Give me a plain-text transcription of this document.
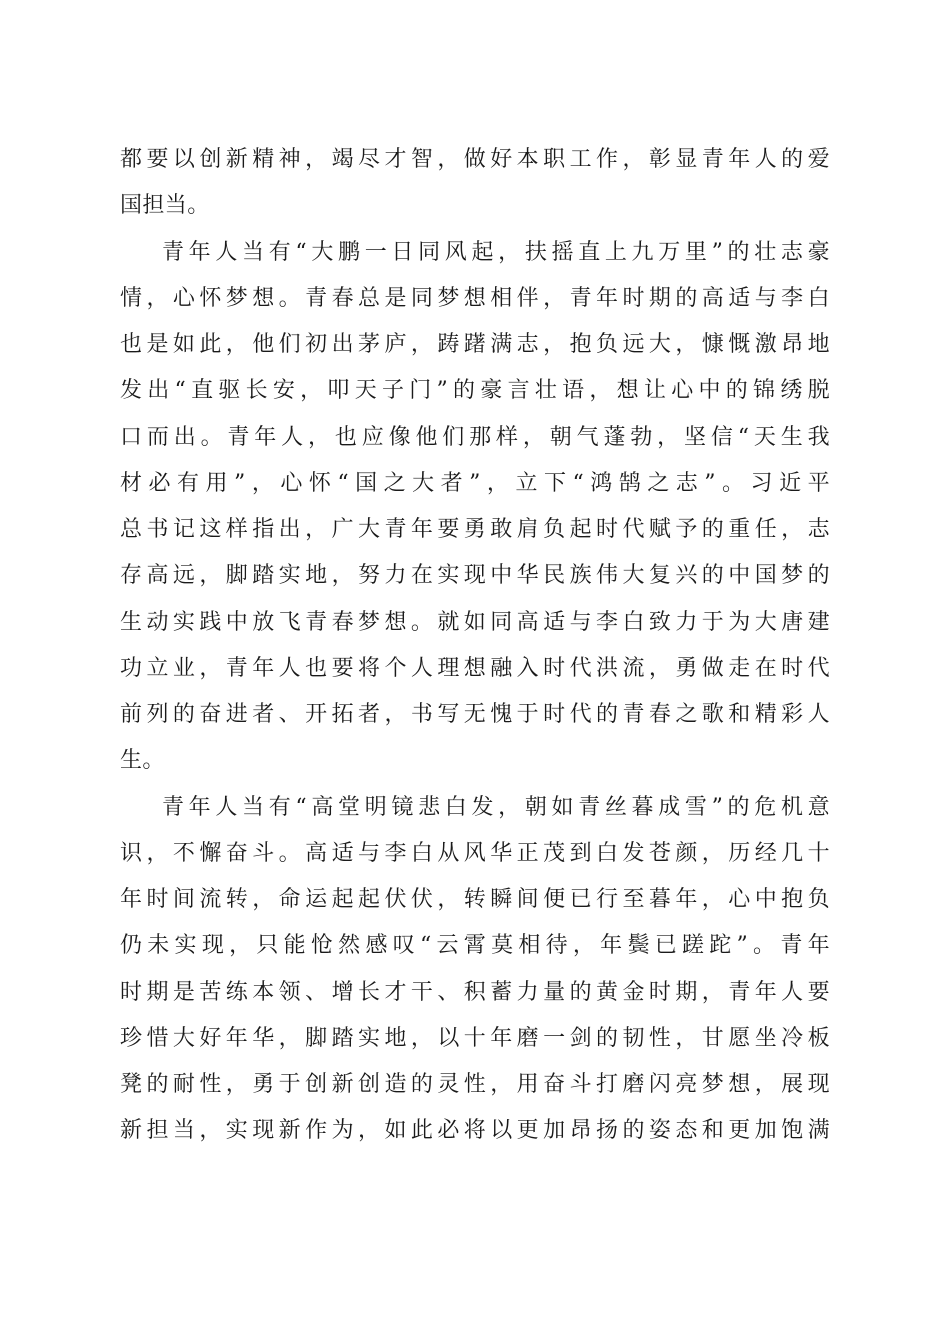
都要以创新精神，竭尽才智，做好本职工作，彰显青年人的爱
国担当。
青年人当有“大鹏一日同风起，扶摇直上九万里”的壮志豪
情，心怀梦想。青春总是同梦想相伴，青年时期的高适与李白
也是如此，他们初出茅庐，踌躇满志，抱负远大，慷慨激昂地
发出“直驱长安，叩天子门”的豪言壮语，想让心中的锦绣脱
口而出。青年人，也应像他们那样，朝气蓬勃，坚信“天生我
材必有用”，心怀“国之大者”，立下“鸿鹄之志”。习近平
总书记这样指出，广大青年要勇敢肩负起时代赋予的重任，志
存高远，脚踏实地，努力在实现中华民族伟大复兴的中国梦的
生动实践中放飞青春梦想。就如同高适与李白致力于为大唐建
功立业，青年人也要将个人理想融入时代洪流，勇做走在时代
前列的奋进者、开拓者，书写无愧于时代的青春之歌和精彩人
生。
青年人当有“高堂明镜悲白发，朝如青丝暮成雪”的危机意
识，不懈奋斗。高适与李白从风华正茂到白发苍颜，历经几十
年时间流转，命运起起伏伏，转瞬间便已行至暮年，心中抱负
仍未实现，只能怆然感叹“云霄莫相待，年鬓已蹉跎”。青年
时期是苦练本领、增长才干、积蓄力量的黄金时期，青年人要
珍惜大好年华，脚踏实地，以十年磨一剑的韧性，甘愿坐冷板
凳的耐性，勇于创新创造的灵性，用奋斗打磨闪亮梦想，展现
新担当，实现新作为，如此必将以更加昂扬的姿态和更加饱满
